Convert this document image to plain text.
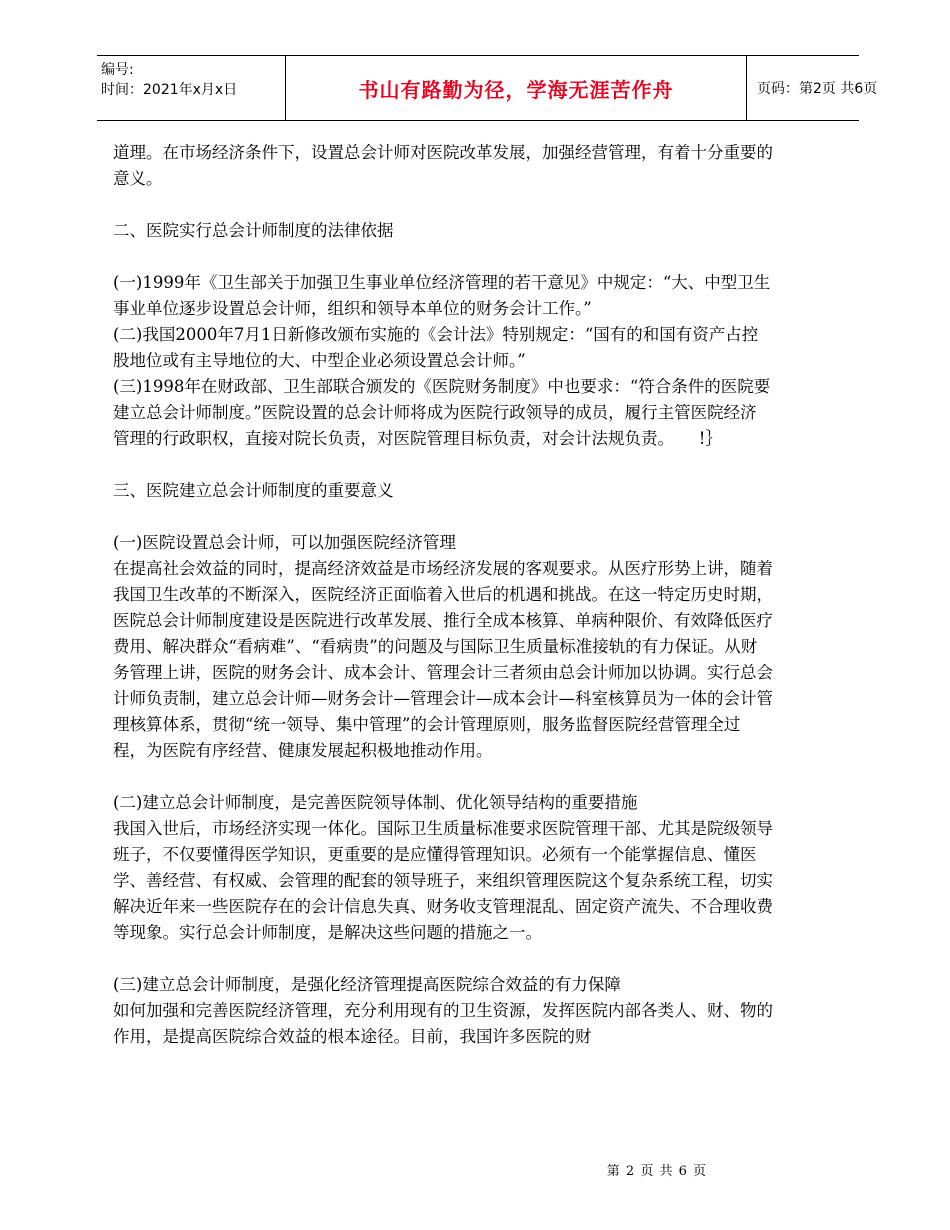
编号:
时间：2021年x月x日	书山有路勤为径，学海无涯苦作舟	页码：第2页 共6页

道理。在市场经济条件下，设置总会计师对医院改革发展，加强经营管理，有着十分重要的意义。

二、医院实行总会计师制度的法律依据

(一)1999年《卫生部关于加强卫生事业单位经济管理的若干意见》中规定：“大、中型卫生事业单位逐步设置总会计师，组织和领导本单位的财务会计工作。”

(二)我国2000年7月1日新修改颁布实施的《会计法》特别规定：“国有的和国有资产占控股地位或有主导地位的大、中型企业必须设置总会计师。”

(三)1998年在财政部、卫生部联合颁发的《医院财务制度》中也要求：“符合条件的医院要建立总会计师制度。”医院设置的总会计师将成为医院行政领导的成员，履行主管医院经济管理的行政职权，直接对院长负责，对医院管理目标负责，对会计法规负责。　　!｝

三、医院建立总会计师制度的重要意义

(一)医院设置总会计师，可以加强医院经济管理

在提高社会效益的同时，提高经济效益是市场经济发展的客观要求。从医疗形势上讲，随着我国卫生改革的不断深入，医院经济正面临着入世后的机遇和挑战。在这一特定历史时期，医院总会计师制度建设是医院进行改革发展、推行全成本核算、单病种限价、有效降低医疗费用、解决群众“看病难”、“看病贵”的问题及与国际卫生质量标准接轨的有力保证。从财务管理上讲，医院的财务会计、成本会计、管理会计三者须由总会计师加以协调。实行总会计师负责制，建立总会计师—财务会计—管理会计—成本会计—科室核算员为一体的会计管理核算体系，贯彻“统一领导、集中管理”的会计管理原则，服务监督医院经营管理全过程，为医院有序经营、健康发展起积极地推动作用。

(二)建立总会计师制度，是完善医院领导体制、优化领导结构的重要措施

我国入世后，市场经济实现一体化。国际卫生质量标准要求医院管理干部、尤其是院级领导班子，不仅要懂得医学知识，更重要的是应懂得管理知识。必须有一个能掌握信息、懂医学、善经营、有权威、会管理的配套的领导班子，来组织管理医院这个复杂系统工程，切实解决近年来一些医院存在的会计信息失真、财务收支管理混乱、固定资产流失、不合理收费等现象。实行总会计师制度，是解决这些问题的措施之一。

(三)建立总会计师制度，是强化经济管理提高医院综合效益的有力保障

如何加强和完善医院经济管理，充分利用现有的卫生资源，发挥医院内部各类人、财、物的作用，是提高医院综合效益的根本途径。目前，我国许多医院的财

第 2 页 共 6 页
